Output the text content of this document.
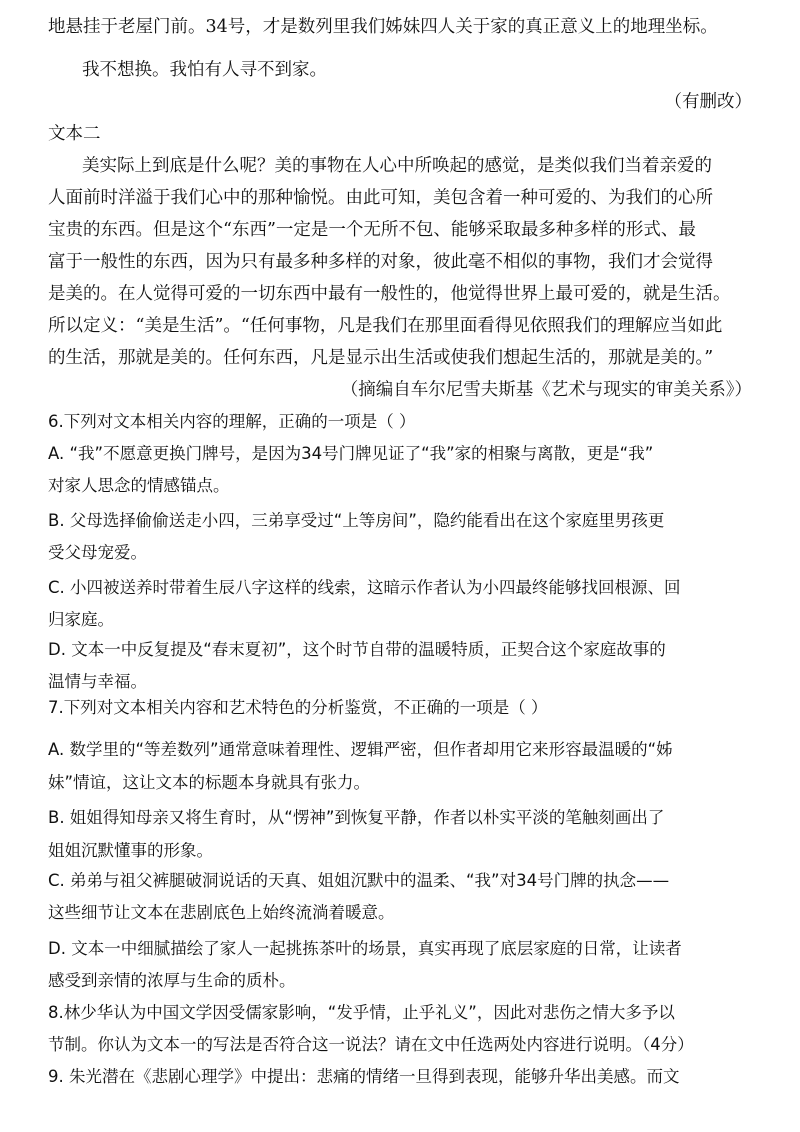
地悬挂于老屋门前。34号，才是数列里我们姊妹四人关于家的真正意义上的地理坐标。
我不想换。我怕有人寻不到家。
（有删改）
文本二
美实际上到底是什么呢？美的事物在人心中所唤起的感觉，是类似我们当着亲爱的
人面前时洋溢于我们心中的那种愉悦。由此可知，美包含着一种可爱的、为我们的心所
宝贵的东西。但是这个“东西”一定是一个无所不包、能够采取最多种多样的形式、最
富于一般性的东西，因为只有最多种多样的对象，彼此毫不相似的事物，我们才会觉得
是美的。在人觉得可爱的一切东西中最有一般性的，他觉得世界上最可爱的，就是生活。
所以定义：“美是生活”。“任何事物，凡是我们在那里面看得见依照我们的理解应当如此
的生活，那就是美的。任何东西，凡是显示出生活或使我们想起生活的，那就是美的。”
（摘编自车尔尼雪夫斯基《艺术与现实的审美关系》）
6.下列对文本相关内容的理解，正确的一项是（ ）
A. “我”不愿意更换门牌号，是因为34号门牌见证了“我”家的相聚与离散，更是“我”
对家人思念的情感锚点。
B. 父母选择偷偷送走小四，三弟享受过“上等房间”，隐约能看出在这个家庭里男孩更
受父母宠爱。
C. 小四被送养时带着生辰八字这样的线索，这暗示作者认为小四最终能够找回根源、回
归家庭。
D. 文本一中反复提及“春末夏初”，这个时节自带的温暖特质，正契合这个家庭故事的
温情与幸福。
7.下列对文本相关内容和艺术特色的分析鉴赏，不正确的一项是（ ）
A. 数学里的“等差数列”通常意味着理性、逻辑严密，但作者却用它来形容最温暖的“姊
妹”情谊，这让文本的标题本身就具有张力。
B. 姐姐得知母亲又将生育时，从“愣神”到恢复平静，作者以朴实平淡的笔触刻画出了
姐姐沉默懂事的形象。
C. 弟弟与祖父裤腿破洞说话的天真、姐姐沉默中的温柔、“我”对34号门牌的执念——
这些细节让文本在悲剧底色上始终流淌着暖意。
D. 文本一中细腻描绘了家人一起挑拣茶叶的场景，真实再现了底层家庭的日常，让读者
感受到亲情的浓厚与生命的质朴。
8.林少华认为中国文学因受儒家影响，“发乎情，止乎礼义”，因此对悲伤之情大多予以
节制。你认为文本一的写法是否符合这一说法？请在文中任选两处内容进行说明。（4分）
9. 朱光潜在《悲剧心理学》中提出：悲痛的情绪一旦得到表现，能够升华出美感。而文
